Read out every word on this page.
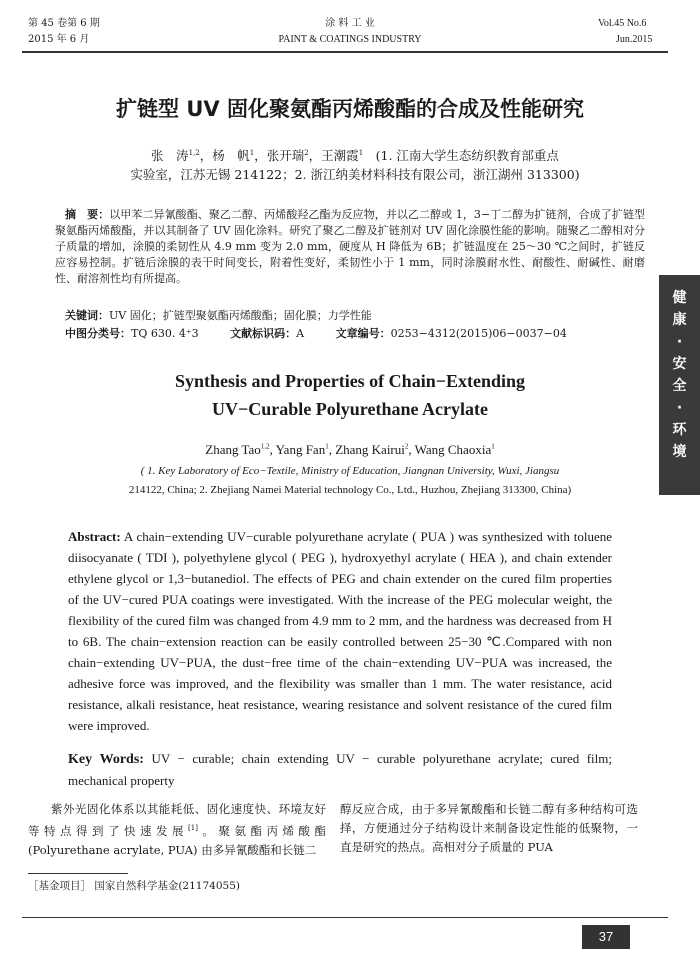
第 45 卷第 6 期
2015 年 6 月
涂 料 工 业
PAINT & COATINGS INDUSTRY
Vol.45 No.6
Jun.2015
扩链型 UV 固化聚氨酯丙烯酸酯的合成及性能研究
张　涛$^{1,2}$，杨　帆$^1$，张开瑞$^2$，王潮霞$^1$　(1. 江南大学生态纺织教育部重点
实验室，江苏无锡 214122；2. 浙江纳美材料科技有限公司，浙江湖州 313300)
摘　要：以甲苯二异氰酸酯、聚乙二醇、丙烯酸羟乙酯为反应物，并以乙二醇或 1，3−丁二醇为扩链剂，合成了扩链型聚氨酯丙烯酸酯，并以其制备了 UV 固化涂料。研究了聚乙二醇及扩链剂对 UV 固化涂膜性能的影响。随聚乙二醇相对分子质量的增加，涂膜的柔韧性从 4.9 mm 变为 2.0 mm，硬度从 H 降低为 6B；扩链温度在 25～30 ℃之间时，扩链反应容易控制。扩链后涂膜的表干时间变长，附着性变好，柔韧性小于 1 mm，同时涂膜耐水性、耐酸性、耐碱性、耐磨性、耐溶剂性均有所提高。
关键词：UV 固化；扩链型聚氨酯丙烯酸酯；固化膜；力学性能
中图分类号：TQ 630. 4⁺3	文献标识码：A	文章编号：0253−4312(2015)06−0037−04
Synthesis and Properties of Chain−Extending
UV−Curable Polyurethane Acrylate
Zhang Tao$^{1,2}$, Yang Fan$^1$, Zhang Kairui$^2$, Wang Chaoxia$^1$
( 1. Key Laboratory of Eco−Textile, Ministry of Education, Jiangnan University, Wuxi, Jiangsu
214122, China; 2. Zhejiang Namei Material technology Co., Ltd., Huzhou, Zhejiang 313300, China)
Abstract: A chain−extending UV−curable polyurethane acrylate ( PUA ) was synthesized with toluene diisocyanate ( TDI ), polyethylene glycol ( PEG ), hydroxyethyl acrylate ( HEA ), and chain extender ethylene glycol or 1,3−butanediol. The effects of PEG and chain extender on the cured film properties of the UV−cured PUA coatings were investigated. With the increase of the PEG molecular weight, the flexibility of the cured film was changed from 4.9 mm to 2 mm, and the hardness was decreased from H to 6B. The chain−extension reaction can be easily controlled between 25−30 ℃.Compared with non chain−extending UV−PUA, the dust−free time of the chain−extending UV−PUA was increased, the adhesive force was improved, and the flexibility was smaller than 1 mm. The water resistance, acid resistance, alkali resistance, heat resistance, wearing resistance and solvent resistance of the cured film were improved.
Key Words: UV − curable; chain extending UV − curable polyurethane acrylate; cured film; mechanical property
紫外光固化体系以其能耗低、固化速度快、环境友好等特点得到了快速发展[1]。聚氨酯丙烯酸酯 (Polyurethane acrylate, PUA) 由多异氰酸酯和长链二
醇反应合成，由于多异氰酸酯和长链二醇有多种结构可选择，方便通过分子结构设计来制备设定性能的低聚物，一直是研究的热点。高相对分子质量的 PUA
［基金项目］ 国家自然科学基金(21174055)
健
康
·
安
全
·
环
境
37
